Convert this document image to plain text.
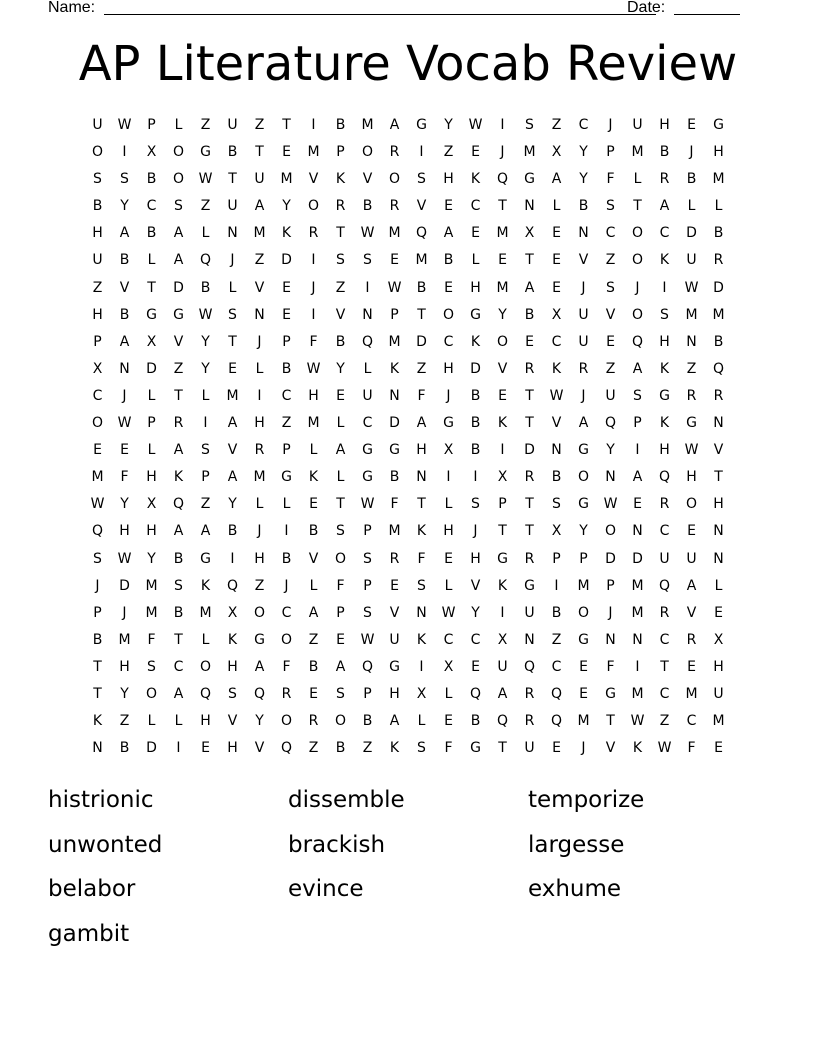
Name:	Date:
AP Literature Vocab Review
U	W	P	L	Z	U	Z	T	I	B	M	A	G	Y	W	I	S	Z	C	J	U	H	E	G
O	I	X	O	G	B	T	E	M	P	O	R	I	Z	E	J	M	X	Y	P	M	B	J	H
S	S	B	O	W	T	U	M	V	K	V	O	S	H	K	Q	G	A	Y	F	L	R	B	M
B	Y	C	S	Z	U	A	Y	O	R	B	R	V	E	C	T	N	L	B	S	T	A	L	L
H	A	B	A	L	N	M	K	R	T	W	M	Q	A	E	M	X	E	N	C	O	C	D	B
U	B	L	A	Q	J	Z	D	I	S	S	E	M	B	L	E	T	E	V	Z	O	K	U	R
Z	V	T	D	B	L	V	E	J	Z	I	W	B	E	H	M	A	E	J	S	J	I	W	D
H	B	G	G	W	S	N	E	I	V	N	P	T	O	G	Y	B	X	U	V	O	S	M	M
P	A	X	V	Y	T	J	P	F	B	Q	M	D	C	K	O	E	C	U	E	Q	H	N	B
X	N	D	Z	Y	E	L	B	W	Y	L	K	Z	H	D	V	R	K	R	Z	A	K	Z	Q
C	J	L	T	L	M	I	C	H	E	U	N	F	J	B	E	T	W	J	U	S	G	R	R
O	W	P	R	I	A	H	Z	M	L	C	D	A	G	B	K	T	V	A	Q	P	K	G	N
E	E	L	A	S	V	R	P	L	A	G	G	H	X	B	I	D	N	G	Y	I	H	W	V
M	F	H	K	P	A	M	G	K	L	G	B	N	I	I	X	R	B	O	N	A	Q	H	T
W	Y	X	Q	Z	Y	L	L	E	T	W	F	T	L	S	P	T	S	G	W	E	R	O	H
Q	H	H	A	A	B	J	I	B	S	P	M	K	H	J	T	T	X	Y	O	N	C	E	N
S	W	Y	B	G	I	H	B	V	O	S	R	F	E	H	G	R	P	P	D	D	U	U	N
J	D	M	S	K	Q	Z	J	L	F	P	E	S	L	V	K	G	I	M	P	M	Q	A	L
P	J	M	B	M	X	O	C	A	P	S	V	N	W	Y	I	U	B	O	J	M	R	V	E
B	M	F	T	L	K	G	O	Z	E	W	U	K	C	C	X	N	Z	G	N	N	C	R	X
T	H	S	C	O	H	A	F	B	A	Q	G	I	X	E	U	Q	C	E	F	I	T	E	H
T	Y	O	A	Q	S	Q	R	E	S	P	H	X	L	Q	A	R	Q	E	G	M	C	M	U
K	Z	L	L	H	V	Y	O	R	O	B	A	L	E	B	Q	R	Q	M	T	W	Z	C	M
N	B	D	I	E	H	V	Q	Z	B	Z	K	S	F	G	T	U	E	J	V	K	W	F	E
histrionic	dissemble	temporize
unwonted	brackish	largesse
belabor	evince	exhume
gambit
